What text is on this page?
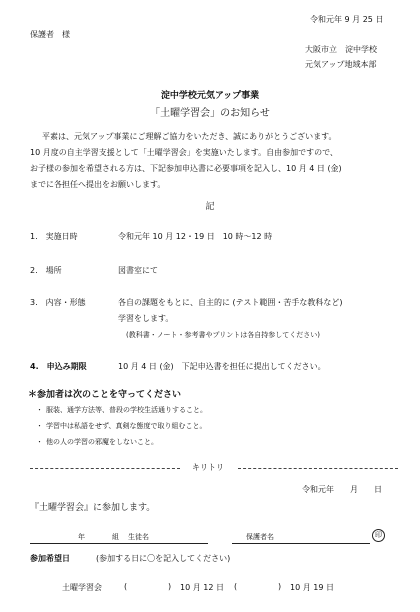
令和元年 9 月 25 日
保護者　様
大阪市立　淀中学校
元気アップ地域本部
淀中学校元気アップ事業
「土曜学習会」のお知らせ
平素は、元気アップ事業にご理解ご協力をいただき、誠にありがとうございます。
10 月度の自主学習支援として「土曜学習会」を実施いたします。自由参加ですので、
お子様の参加を希望される方は、下記参加申込書に必要事項を記入し、10 月 4 日 (金)
までに各担任へ提出をお願いします。
記
1.　実施日時	令和元年 10 月 12・19 日　10 時〜12 時
2.　場所	図書室にて
3.　内容・形態	各自の課題をもとに、自主的に (テスト範囲・苦手な教科など)
学習をします。
(教科書・ノート・参考書やプリントは各自持参してください)
4.　申込み期限	10 月 4 日 (金)　下記申込書を担任に提出してください。
＊参加者は次のことを守ってください
・ 服装、通学方法等、普段の学校生活通りすること。
・ 学習中は私語をせず、真剣な態度で取り組むこと。
・ 他の人の学習の邪魔をしないこと。
キリトリ
令和元年　　月　　日
『土曜学習会』に参加します。
年	組 生徒名	保護者名	印
参加希望日	(参加する日に〇を記入してください)
土曜学習会	(	) 10 月 12 日 (	) 10 月 19 日
